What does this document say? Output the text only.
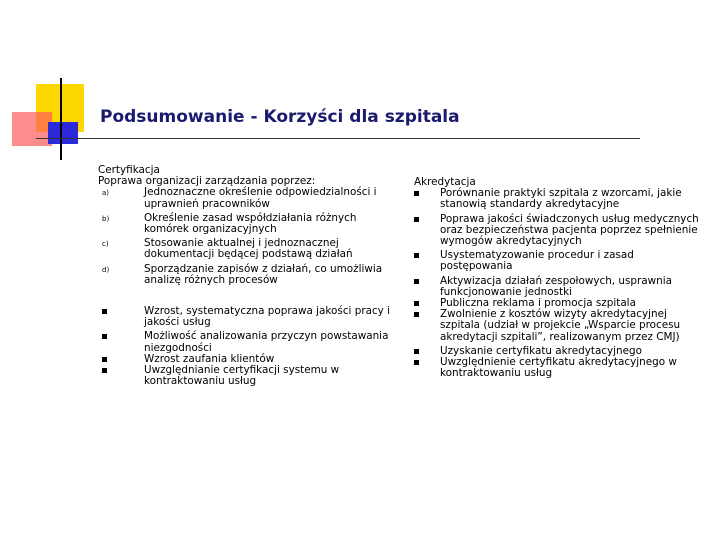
Podsumowanie - Korzyści dla szpitala
Certyfikacja
Poprawa organizacji zarządzania poprzez:
a)	Jednoznaczne określenie odpowiedzialności i uprawnień pracowników
b)	Określenie zasad współdziałania różnych komórek organizacyjnych
c)	Stosowanie aktualnej i jednoznacznej dokumentacji będącej podstawą działań
d)	Sporządzanie zapisów z działań, co umożliwia analizę różnych procesów
Wzrost, systematyczna poprawa jakości pracy i jakości usług
Możliwość analizowania przyczyn powstawania niezgodności
Wzrost zaufania klientów
Uwzględnianie certyfikacji systemu w kontraktowaniu usług
Akredytacja
Porównanie praktyki szpitala z wzorcami, jakie stanowią standardy akredytacyjne
Poprawa jakości świadczonych usług medycznych oraz bezpieczeństwa pacjenta poprzez spełnienie wymogów akredytacyjnych
Usystematyzowanie procedur i zasad postępowania
Aktywizacja działań zespołowych, usprawnia funkcjonowanie jednostki
Publiczna reklama i promocja szpitala
Zwolnienie z kosztów wizyty akredytacyjnej szpitala (udział w projekcie „Wsparcie procesu akredytacji szpitali”, realizowanym przez CMJ)
Uzyskanie certyfikatu akredytacyjnego
Uwzględnienie certyfikatu akredytacyjnego w kontraktowaniu usług
